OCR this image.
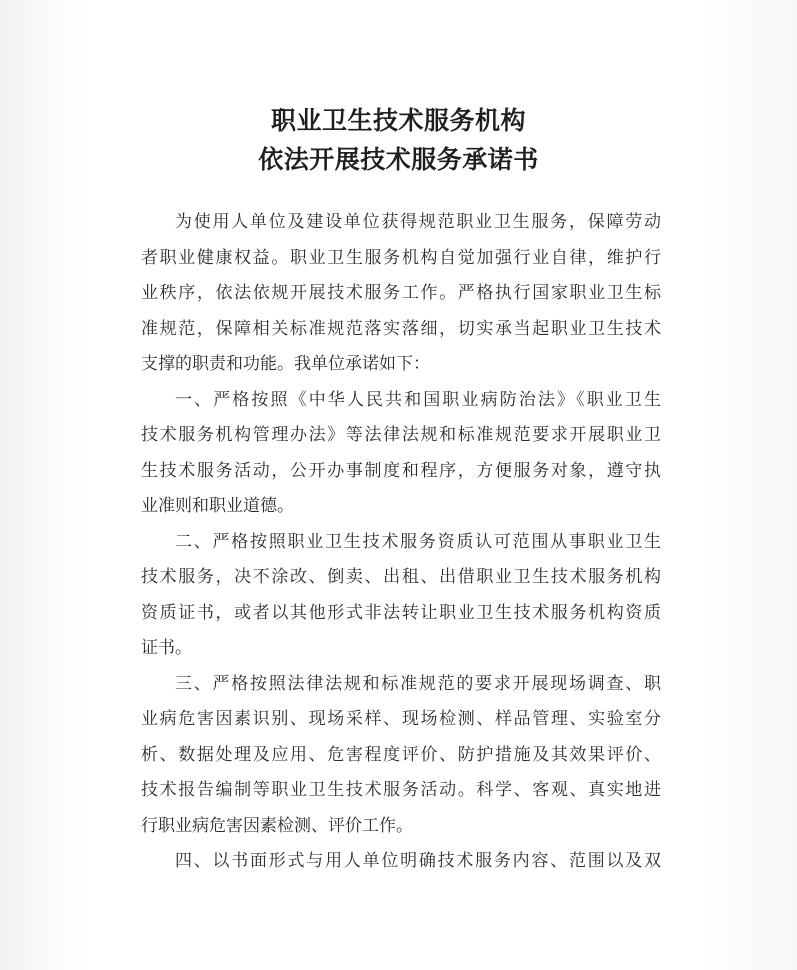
职业卫生技术服务机构
依法开展技术服务承诺书
为使用人单位及建设单位获得规范职业卫生服务，保障劳动
者职业健康权益。职业卫生服务机构自觉加强行业自律，维护行
业秩序，依法依规开展技术服务工作。严格执行国家职业卫生标
准规范，保障相关标准规范落实落细，切实承当起职业卫生技术
支撑的职责和功能。我单位承诺如下：
一、严格按照《中华人民共和国职业病防治法》《职业卫生
技术服务机构管理办法》等法律法规和标准规范要求开展职业卫
生技术服务活动，公开办事制度和程序，方便服务对象，遵守执
业准则和职业道德。
二、严格按照职业卫生技术服务资质认可范围从事职业卫生
技术服务，决不涂改、倒卖、出租、出借职业卫生技术服务机构
资质证书，或者以其他形式非法转让职业卫生技术服务机构资质
证书。
三、严格按照法律法规和标准规范的要求开展现场调查、职
业病危害因素识别、现场采样、现场检测、样品管理、实验室分
析、数据处理及应用、危害程度评价、防护措施及其效果评价、
技术报告编制等职业卫生技术服务活动。科学、客观、真实地进
行职业病危害因素检测、评价工作。
四、以书面形式与用人单位明确技术服务内容、范围以及双
